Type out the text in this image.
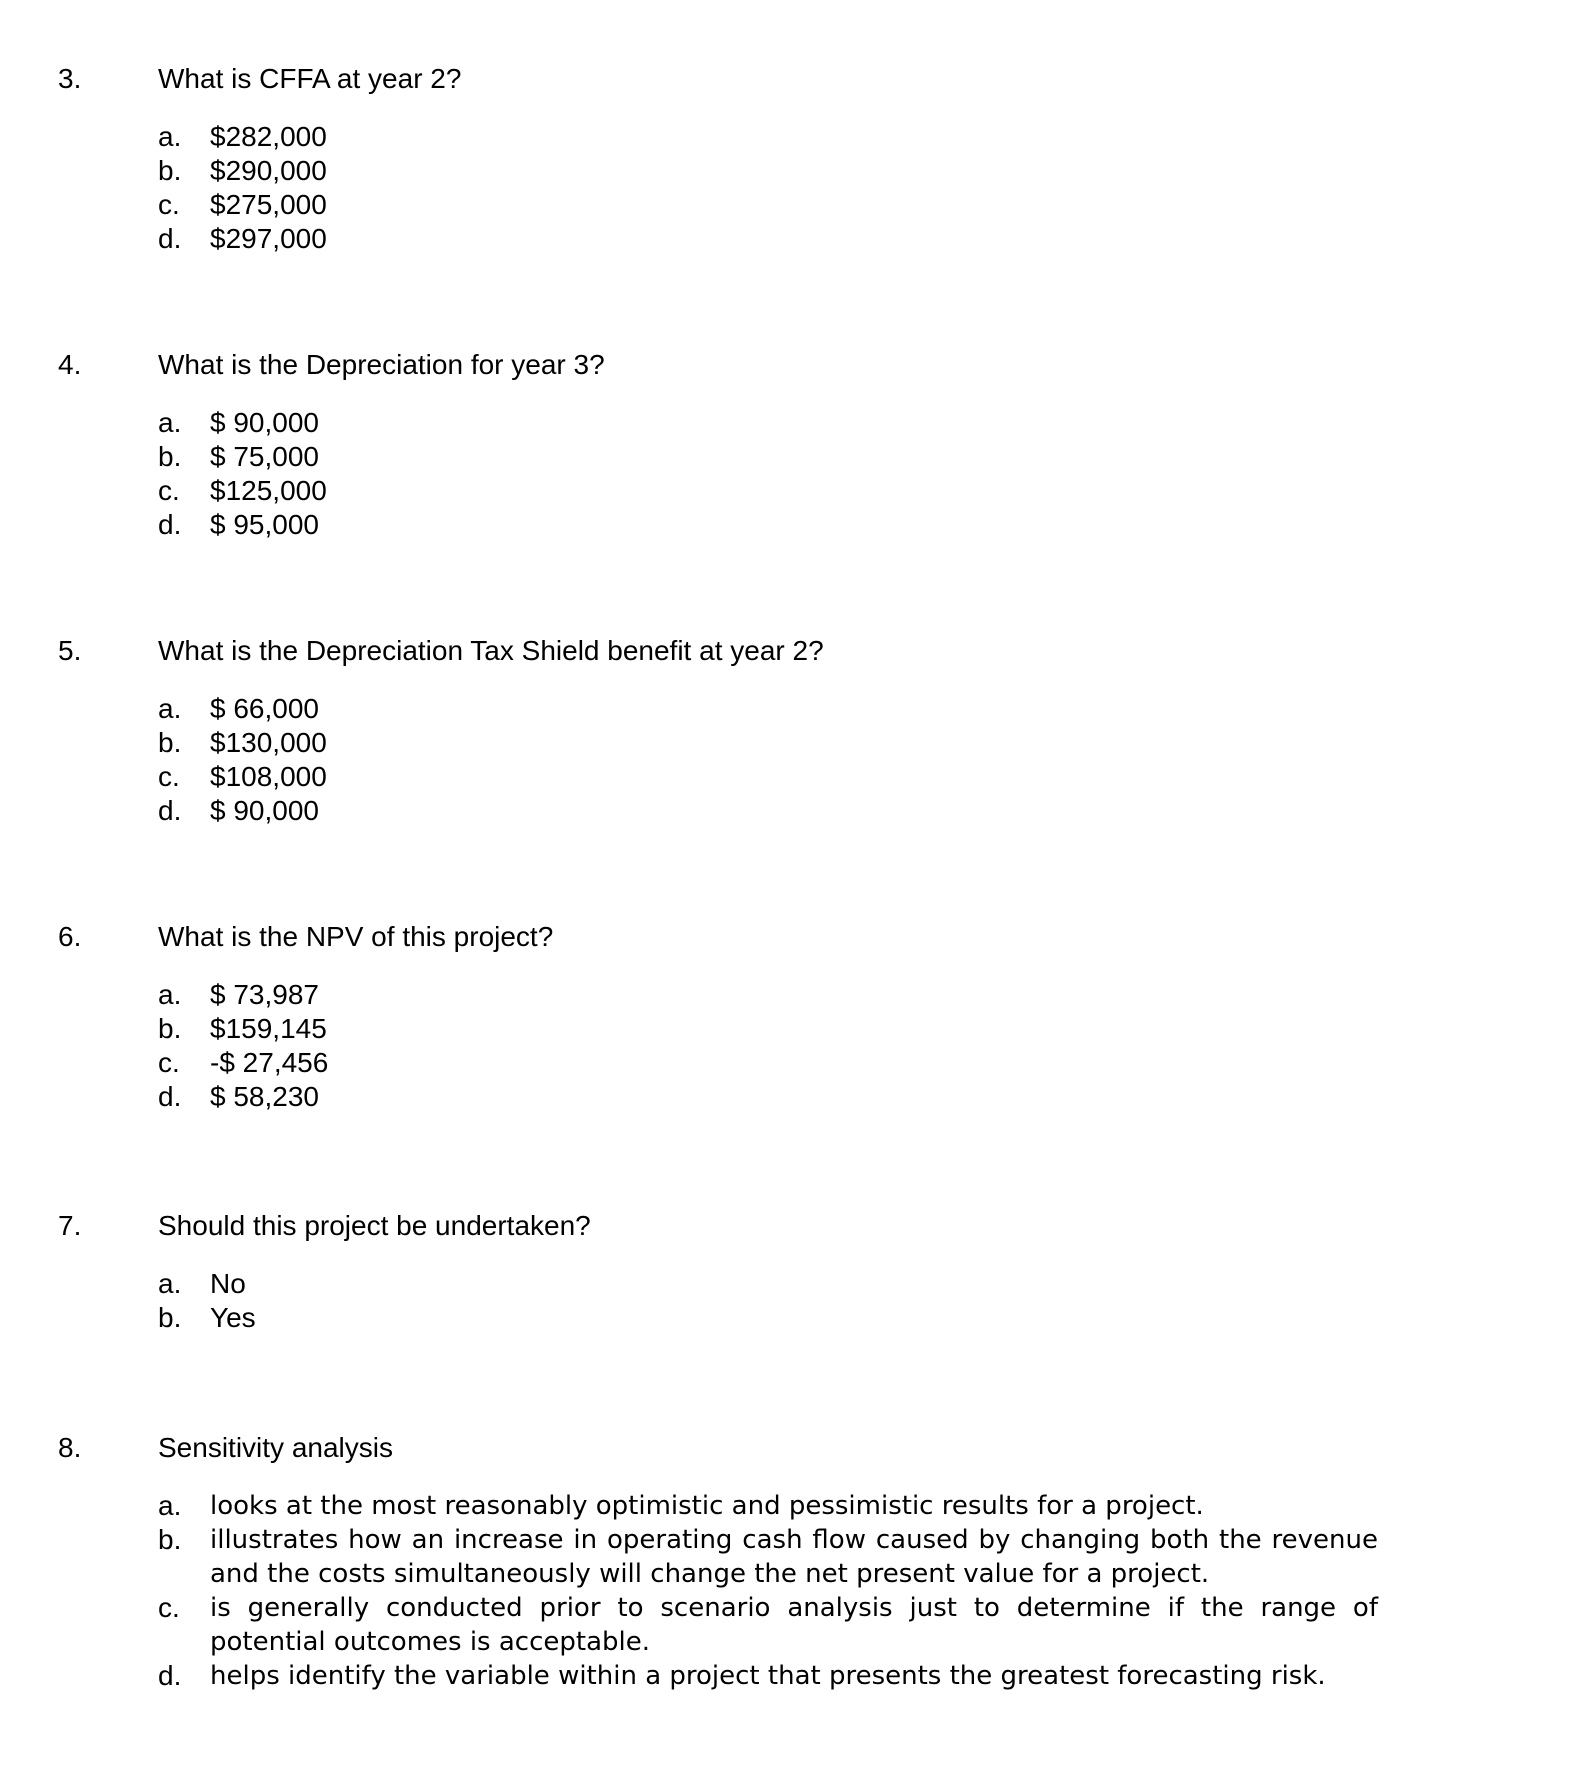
3.	What is CFFA at year 2?
a. $282,000
b. $290,000
c. $275,000
d. $297,000
4.	What is the Depreciation for year 3?
a. $ 90,000
b. $ 75,000
c. $125,000
d. $ 95,000
5.	What is the Depreciation Tax Shield benefit at year 2?
a. $ 66,000
b. $130,000
c. $108,000
d. $ 90,000
6.	What is the NPV of this project?
a. $ 73,987
b. $159,145
c. -$ 27,456
d. $ 58,230
7.	Should this project be undertaken?
a. No
b. Yes
8.	Sensitivity analysis
a. looks at the most reasonably optimistic and pessimistic results for a project.
b. illustrates how an increase in operating cash flow caused by changing both the revenue and the costs simultaneously will change the net present value for a project.
c. is generally conducted prior to scenario analysis just to determine if the range of potential outcomes is acceptable.
d. helps identify the variable within a project that presents the greatest forecasting risk.
